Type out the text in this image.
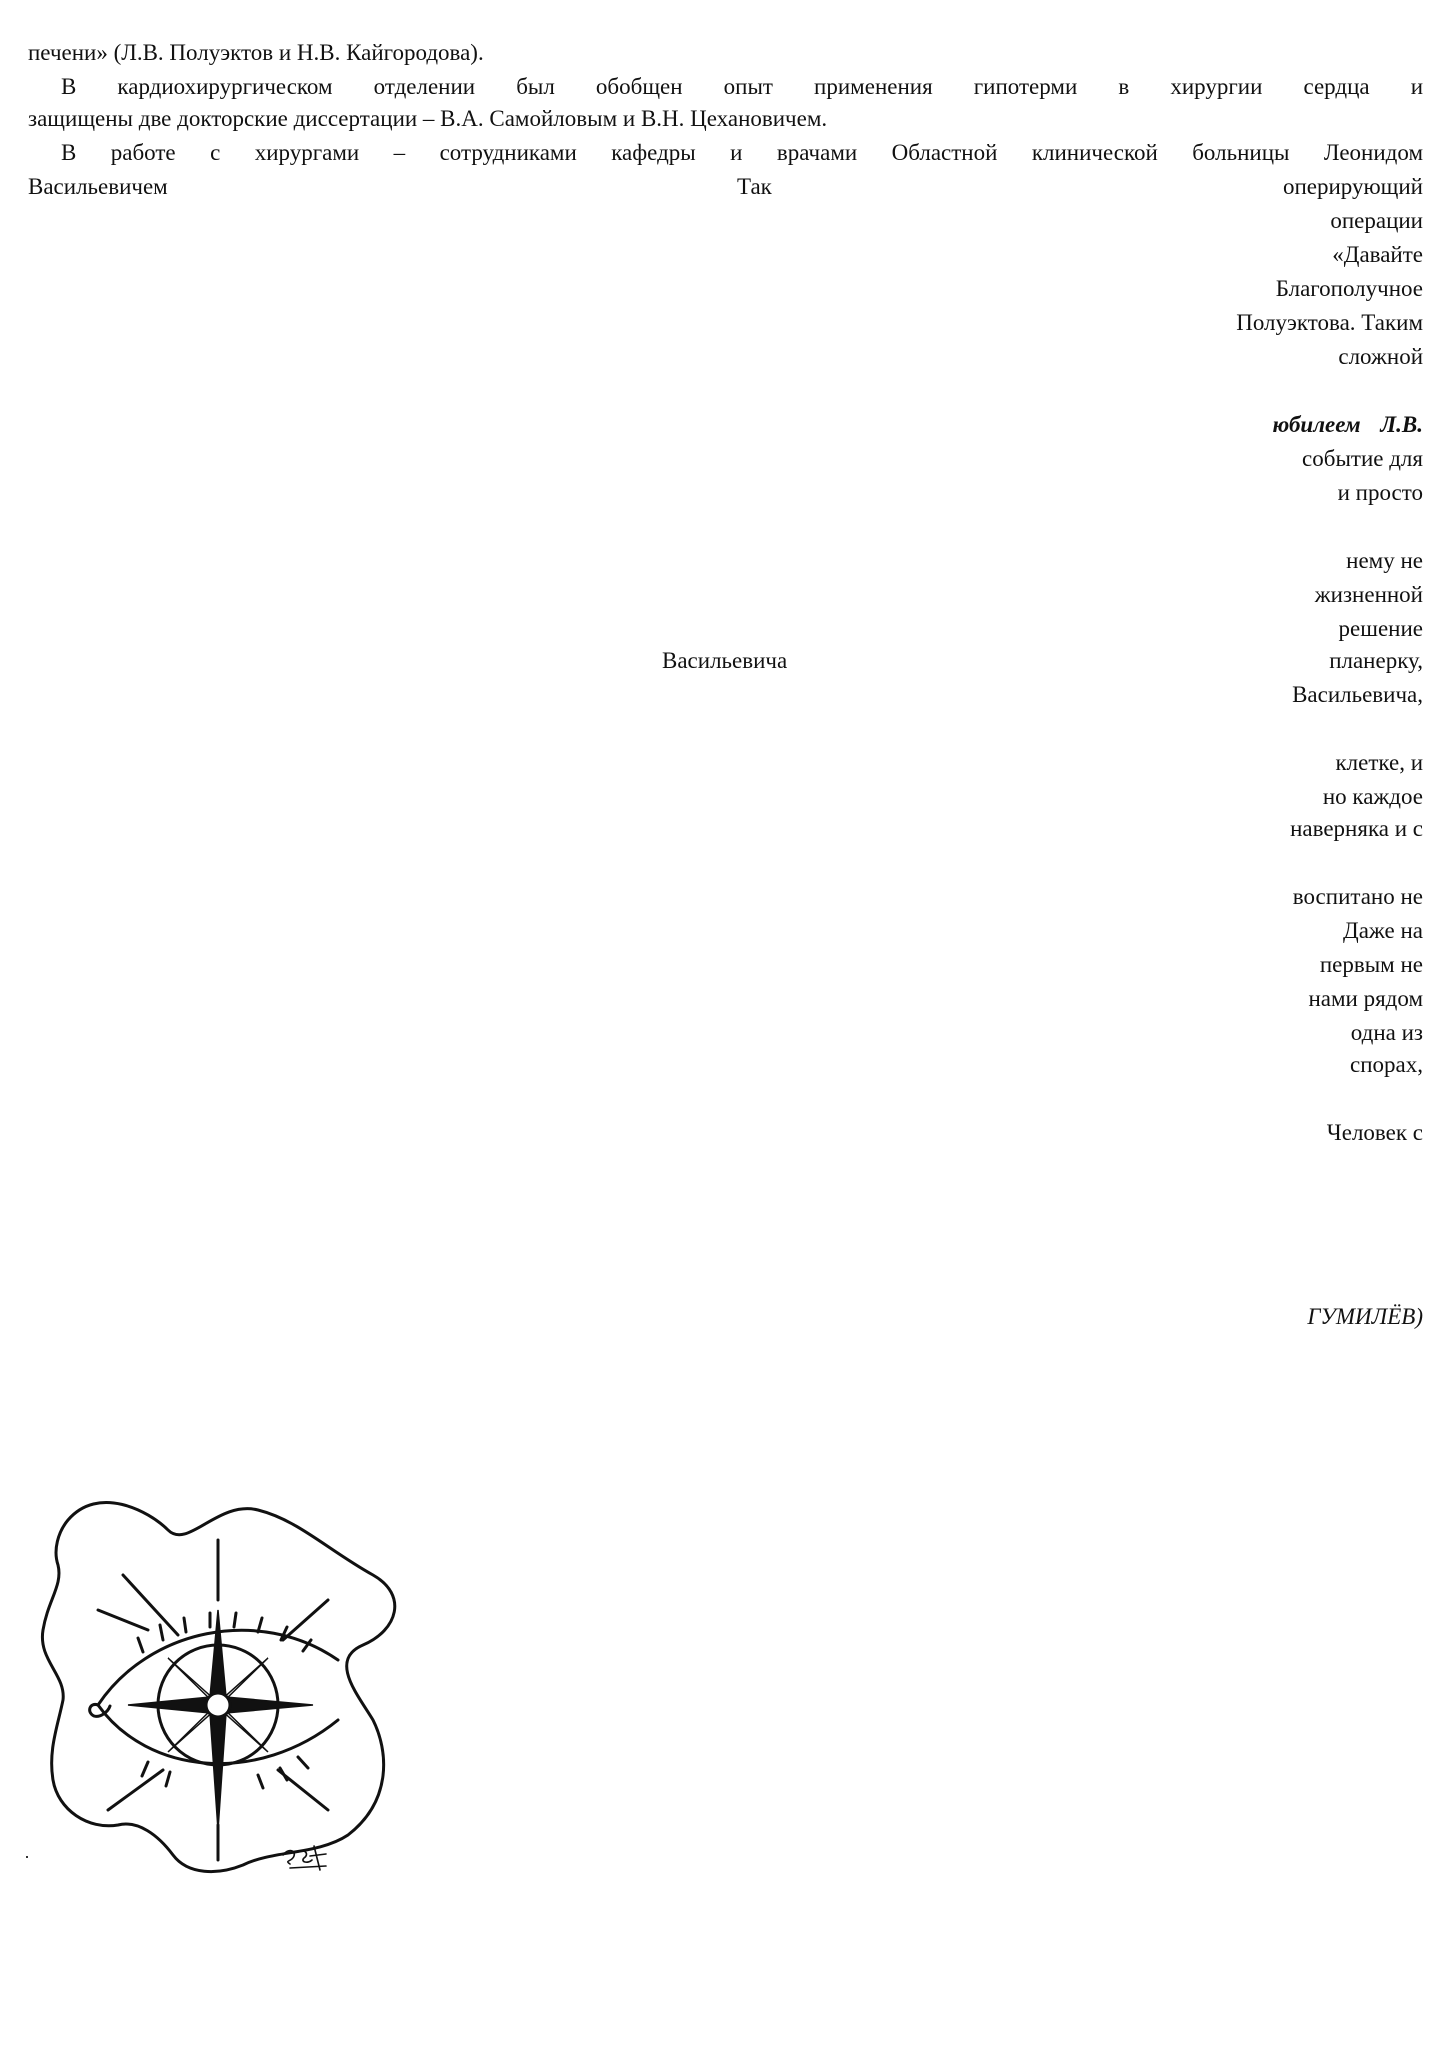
печени» (Л.В. Полуэктов и Н.В. Кайгородова).

В кардиохирургическом отделении был обобщен опыт применения гипотерми в хирургии сердца и

защищены две докторские диссертации – В.А. Самойловым и В.Н. Цехановичем.

В работе с хирургами – сотрудниками кафедры и врачами Областной клинической больницы Леонидом

Васильевичем	Так	оперирующий

операции

«Давайте

Благополучное

Полуэктова. Таким

сложной

юбилеем Л.В.

событие для

и просто

нему не

жизненной

решение

Васильевича	планерку,

Васильевича,

клетке, и

но каждое

наверняка и с

воспитано не

Даже на

первым не

нами рядом

одна из

спорах,

Человек с

ГУМИЛЁВ)
